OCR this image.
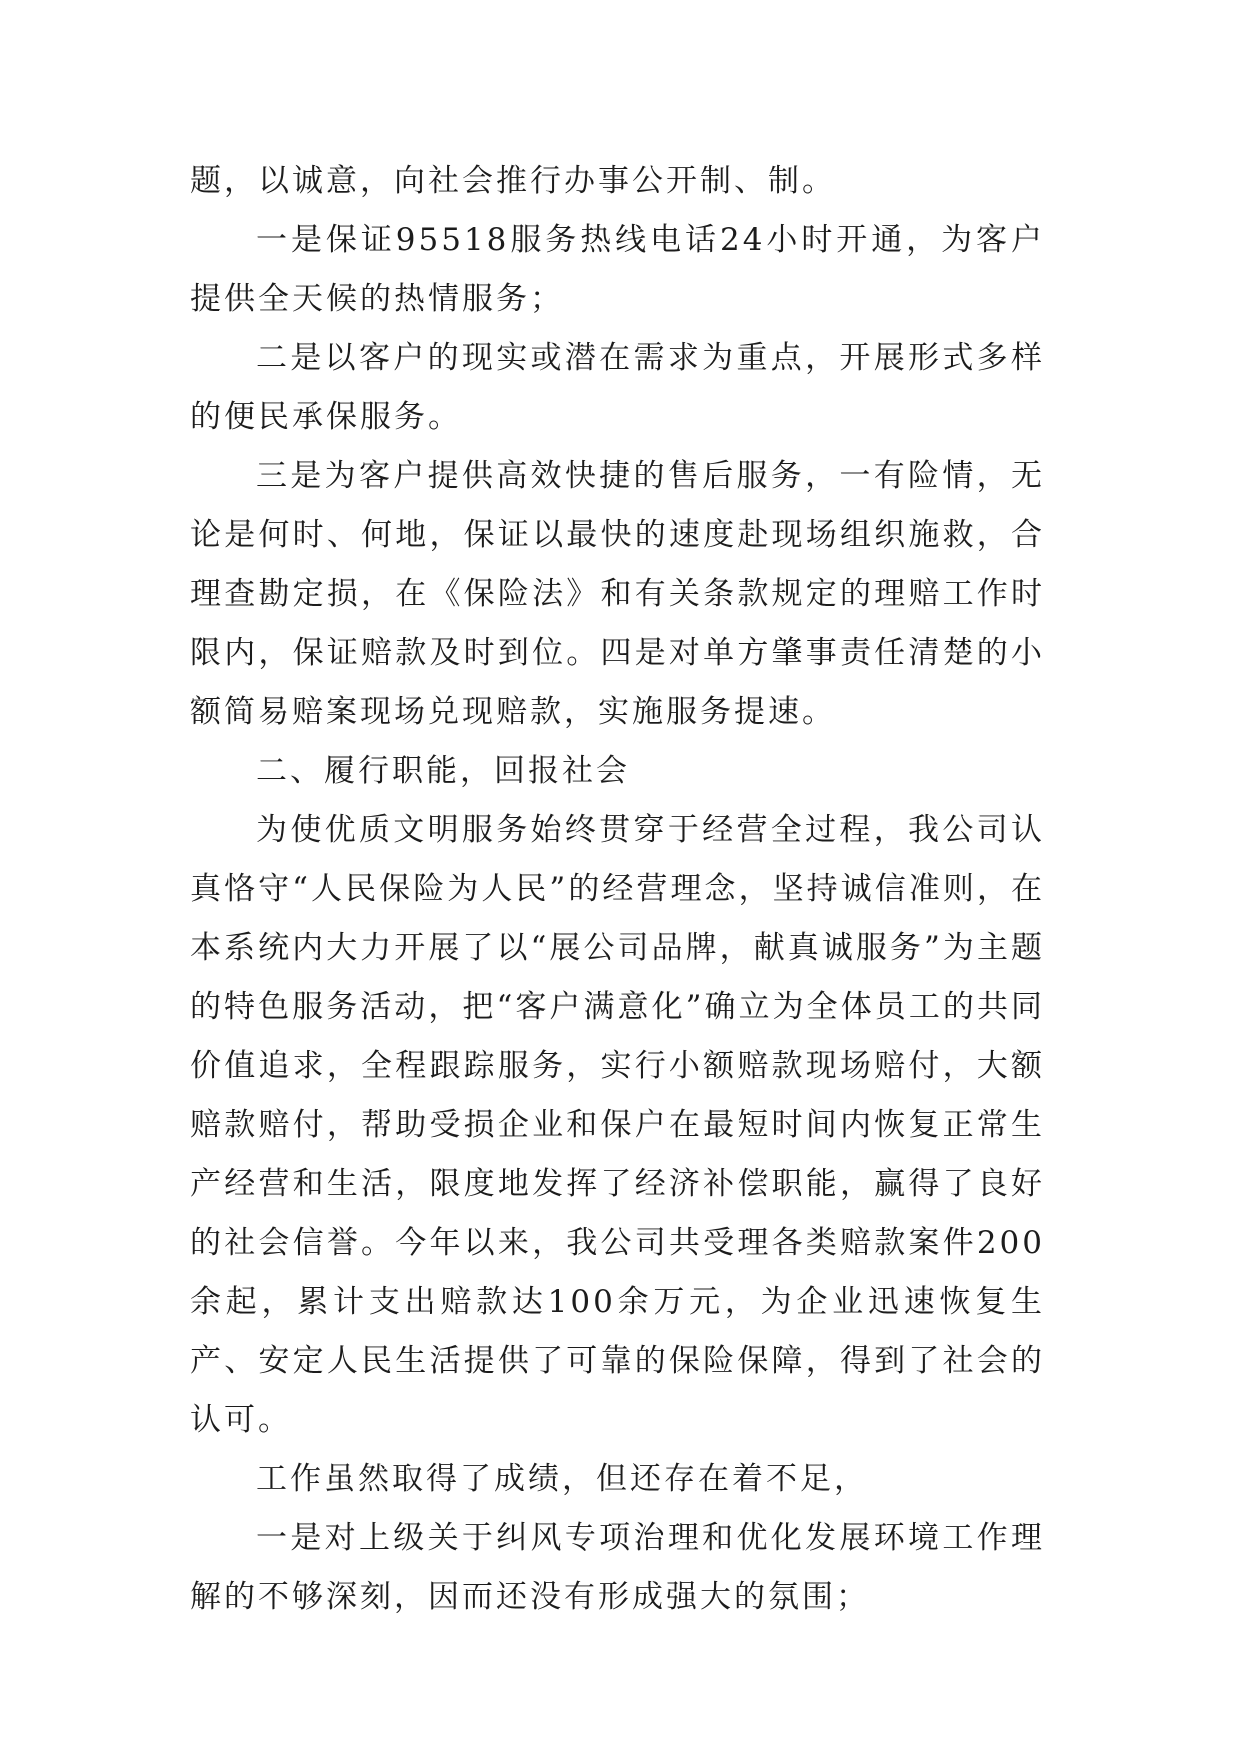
题，以诚意，向社会推行办事公开制、制。

一是保证95518服务热线电话24小时开通，为客户提供全天候的热情服务；

二是以客户的现实或潜在需求为重点，开展形式多样的便民承保服务。

三是为客户提供高效快捷的售后服务，一有险情，无论是何时、何地，保证以最快的速度赴现场组织施救，合理查勘定损，在《保险法》和有关条款规定的理赔工作时限内，保证赔款及时到位。四是对单方肇事责任清楚的小额简易赔案现场兑现赔款，实施服务提速。

二、履行职能，回报社会

为使优质文明服务始终贯穿于经营全过程，我公司认真恪守“人民保险为人民”的经营理念，坚持诚信准则，在本系统内大力开展了以“展公司品牌，献真诚服务”为主题的特色服务活动，把“客户满意化”确立为全体员工的共同价值追求，全程跟踪服务，实行小额赔款现场赔付，大额赔款赔付，帮助受损企业和保户在最短时间内恢复正常生产经营和生活，限度地发挥了经济补偿职能，赢得了良好的社会信誉。今年以来，我公司共受理各类赔款案件200余起，累计支出赔款达100余万元，为企业迅速恢复生产、安定人民生活提供了可靠的保险保障，得到了社会的认可。

工作虽然取得了成绩，但还存在着不足，

一是对上级关于纠风专项治理和优化发展环境工作理解的不够深刻，因而还没有形成强大的氛围；
